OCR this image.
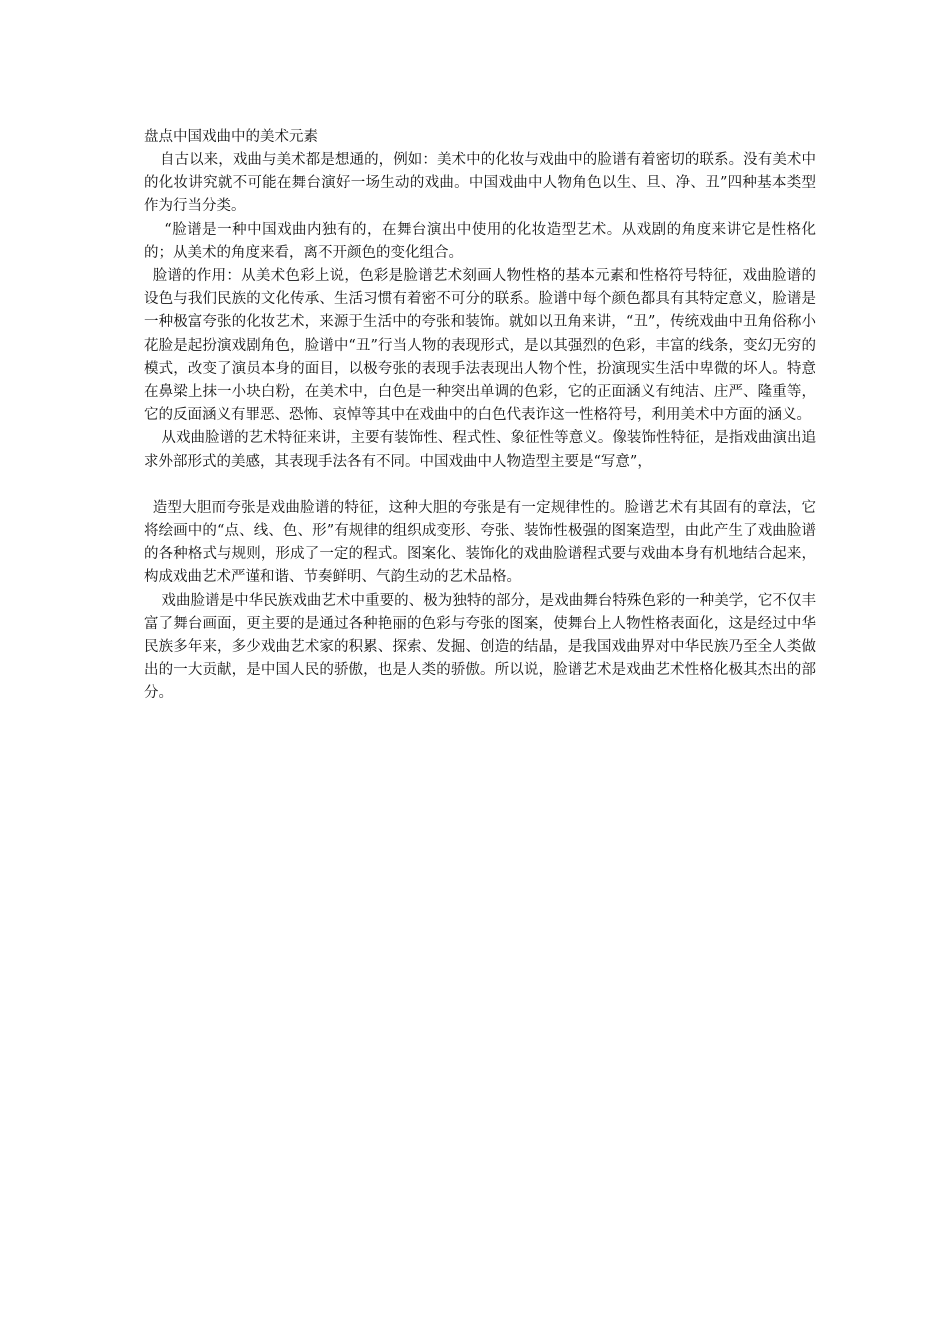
盘点中国戏曲中的美术元素

自古以来，戏曲与美术都是想通的，例如：美术中的化妆与戏曲中的脸谱有着密切的联系。没有美术中的化妆讲究就不可能在舞台演好一场生动的戏曲。中国戏曲中人物角色以生、旦、净、丑”四种基本类型作为行当分类。

“脸谱是一种中国戏曲内独有的，在舞台演出中使用的化妆造型艺术。从戏剧的角度来讲它是性格化的；从美术的角度来看，离不开颜色的变化组合。

脸谱的作用：从美术色彩上说，色彩是脸谱艺术刻画人物性格的基本元素和性格符号特征，戏曲脸谱的设色与我们民族的文化传承、生活习惯有着密不可分的联系。脸谱中每个颜色都具有其特定意义，脸谱是一种极富夸张的化妆艺术，来源于生活中的夸张和装饰。就如以丑角来讲，“丑”，传统戏曲中丑角俗称小花脸是起扮演戏剧角色，脸谱中“丑”行当人物的表现形式，是以其强烈的色彩，丰富的线条，变幻无穷的模式，改变了演员本身的面目，以极夸张的表现手法表现出人物个性，扮演现实生活中卑微的坏人。特意在鼻梁上抹一小块白粉，在美术中，白色是一种突出单调的色彩，它的正面涵义有纯洁、庄严、隆重等，它的反面涵义有罪恶、恐怖、哀悼等其中在戏曲中的白色代表诈这一性格符号，利用美术中方面的涵义。

从戏曲脸谱的艺术特征来讲，主要有装饰性、程式性、象征性等意义。像装饰性特征，是指戏曲演出追求外部形式的美感，其表现手法各有不同。中国戏曲中人物造型主要是“写意”，

造型大胆而夸张是戏曲脸谱的特征，这种大胆的夸张是有一定规律性的。脸谱艺术有其固有的章法，它将绘画中的“点、线、色、形”有规律的组织成变形、夸张、装饰性极强的图案造型，由此产生了戏曲脸谱的各种格式与规则，形成了一定的程式。图案化、装饰化的戏曲脸谱程式要与戏曲本身有机地结合起来，构成戏曲艺术严谨和谐、节奏鲜明、气韵生动的艺术品格。

戏曲脸谱是中华民族戏曲艺术中重要的、极为独特的部分，是戏曲舞台特殊色彩的一种美学，它不仅丰富了舞台画面，更主要的是通过各种艳丽的色彩与夸张的图案，使舞台上人物性格表面化，这是经过中华民族多年来，多少戏曲艺术家的积累、探索、发掘、创造的结晶，是我国戏曲界对中华民族乃至全人类做出的一大贡献，是中国人民的骄傲，也是人类的骄傲。所以说，脸谱艺术是戏曲艺术性格化极其杰出的部分。
